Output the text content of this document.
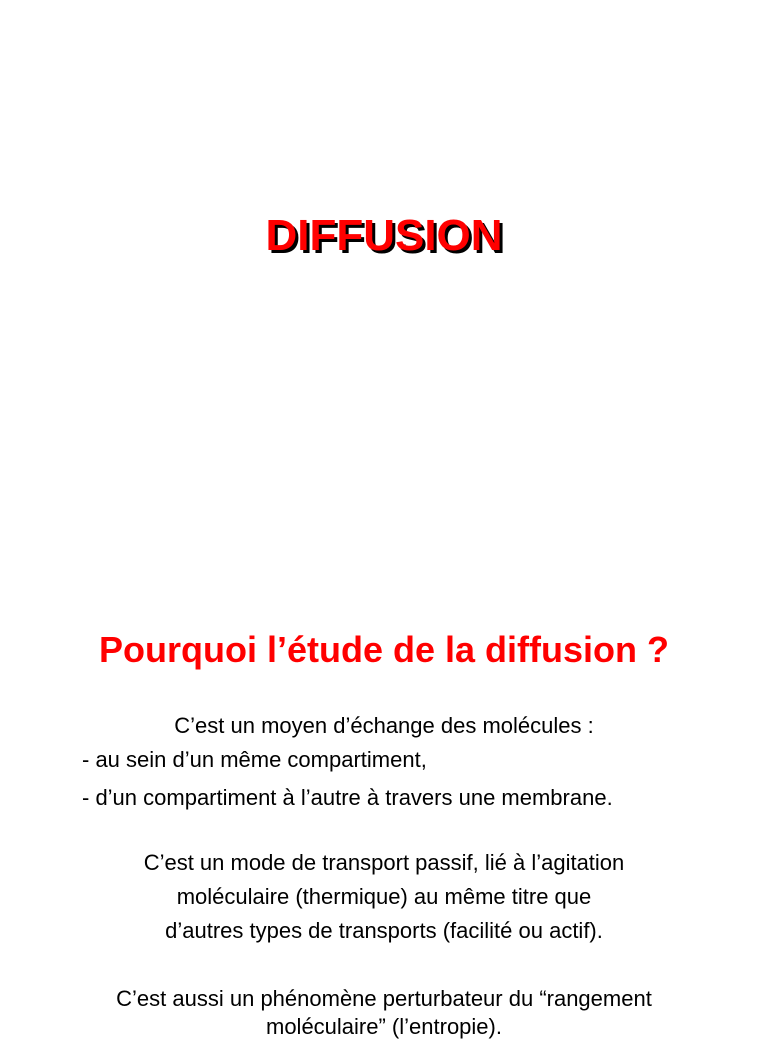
DIFFUSION
Pourquoi l’étude de la diffusion ?

C’est un moyen d’échange des molécules :

- au sein d’un même compartiment,

- d’un compartiment à l’autre à travers une membrane.

C’est un mode de transport passif, lié à l’agitation

moléculaire (thermique) au même titre que

d’autres types de transports (facilité ou actif).

C’est aussi un phénomène perturbateur du “rangement

moléculaire” (l’entropie).
